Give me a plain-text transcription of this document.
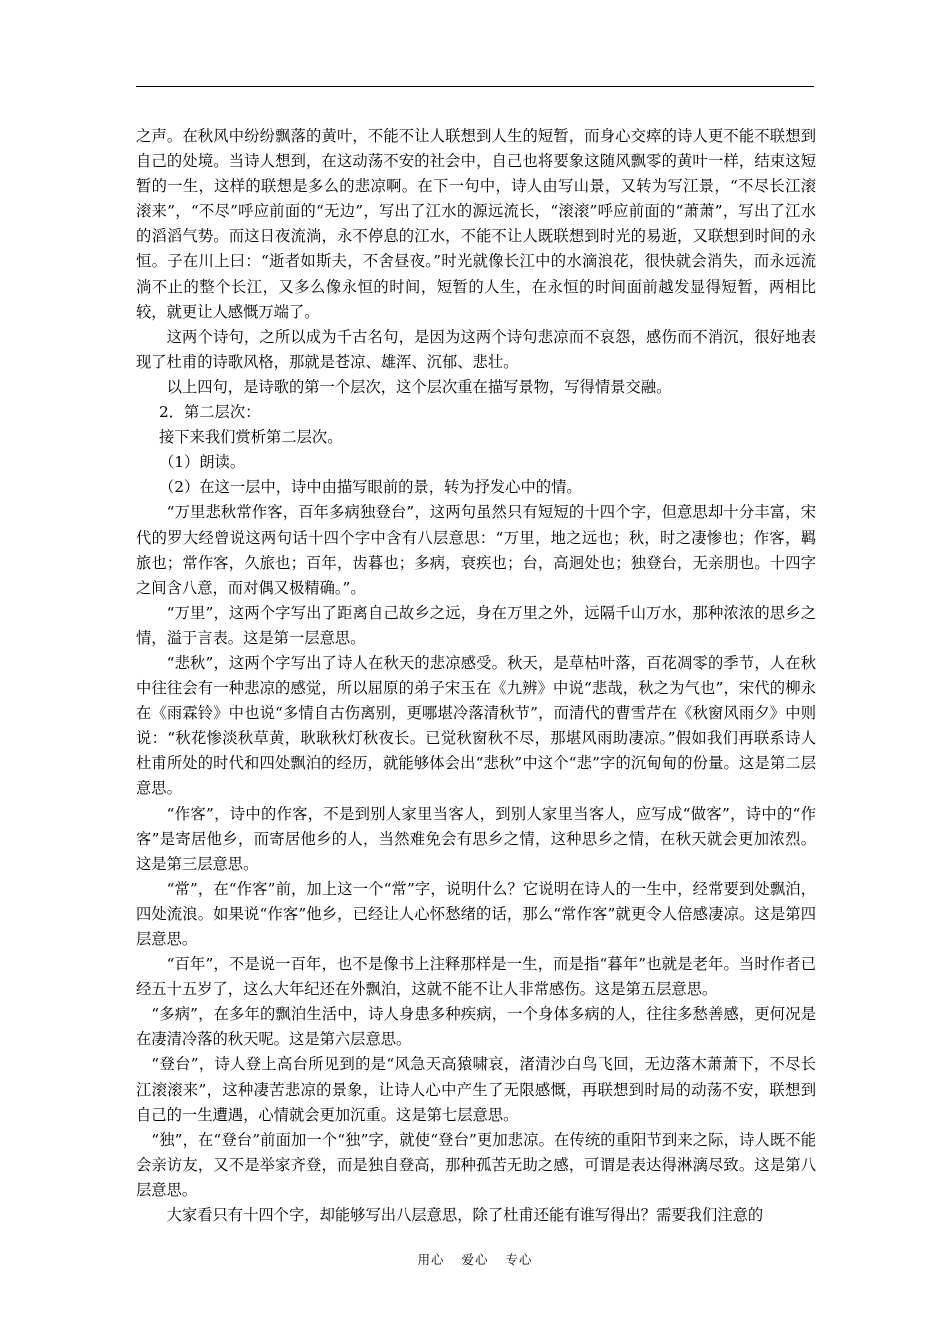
之声。在秋风中纷纷飘落的黄叶，不能不让人联想到人生的短暂，而身心交瘁的诗人更不能不联想到自己的处境。当诗人想到，在这动荡不安的社会中，自己也将要象这随风飘零的黄叶一样，结束这短暂的一生，这样的联想是多么的悲凉啊。在下一句中，诗人由写山景，又转为写江景，“不尽长江滚滚来”，“不尽”呼应前面的“无边”，写出了江水的源远流长，“滚滚”呼应前面的“萧萧”，写出了江水的滔滔气势。而这日夜流淌，永不停息的江水，不能不让人既联想到时光的易逝，又联想到时间的永恒。子在川上曰：“逝者如斯夫，不舍昼夜。”时光就像长江中的水滴浪花，很快就会消失，而永远流淌不止的整个长江，又多么像永恒的时间，短暂的人生，在永恒的时间面前越发显得短暂，两相比较，就更让人感慨万端了。

这两个诗句，之所以成为千古名句，是因为这两个诗句悲凉而不哀怨，感伤而不消沉，很好地表现了杜甫的诗歌风格，那就是苍凉、雄浑、沉郁、悲壮。

以上四句，是诗歌的第一个层次，这个层次重在描写景物，写得情景交融。

2．第二层次：

接下来我们赏析第二层次。

（1）朗读。

（2）在这一层中，诗中由描写眼前的景，转为抒发心中的情。

“万里悲秋常作客，百年多病独登台”，这两句虽然只有短短的十四个字，但意思却十分丰富，宋代的罗大经曾说这两句话十四个字中含有八层意思：“万里，地之远也；秋，时之凄惨也；作客，羁旅也；常作客，久旅也；百年，齿暮也；多病，衰疾也；台，高迥处也；独登台，无亲朋也。十四字之间含八意，而对偶又极精确。”。

“万里”，这两个字写出了距离自己故乡之远，身在万里之外，远隔千山万水，那种浓浓的思乡之情，溢于言表。这是第一层意思。

“悲秋”，这两个字写出了诗人在秋天的悲凉感受。秋天，是草枯叶落，百花凋零的季节，人在秋中往往会有一种悲凉的感觉，所以屈原的弟子宋玉在《九辨》中说“悲哉，秋之为气也”，宋代的柳永在《雨霖铃》中也说“多情自古伤离别，更哪堪冷落清秋节”，而清代的曹雪芹在《秋窗风雨夕》中则说：“秋花惨淡秋草黄，耿耿秋灯秋夜长。已觉秋窗秋不尽，那堪风雨助凄凉。”假如我们再联系诗人杜甫所处的时代和四处飘泊的经历，就能够体会出“悲秋”中这个“悲”字的沉甸甸的份量。这是第二层意思。

“作客”，诗中的作客，不是到别人家里当客人，到别人家里当客人，应写成“做客”，诗中的“作客”是寄居他乡，而寄居他乡的人，当然难免会有思乡之情，这种思乡之情，在秋天就会更加浓烈。这是第三层意思。

“常”，在“作客”前，加上这一个“常”字，说明什么？它说明在诗人的一生中，经常要到处飘泊，四处流浪。如果说“作客”他乡，已经让人心怀愁绪的话，那么“常作客”就更令人倍感凄凉。这是第四层意思。

“百年”，不是说一百年，也不是像书上注释那样是一生，而是指“暮年”也就是老年。当时作者已经五十五岁了，这么大年纪还在外飘泊，这就不能不让人非常感伤。这是第五层意思。

“多病”，在多年的飘泊生活中，诗人身患多种疾病，一个身体多病的人，往往多愁善感，更何况是在凄清冷落的秋天呢。这是第六层意思。

“登台”，诗人登上高台所见到的是“风急天高猿啸哀，渚清沙白鸟飞回，无边落木萧萧下，不尽长江滚滚来”，这种凄苦悲凉的景象，让诗人心中产生了无限感慨，再联想到时局的动荡不安，联想到自己的一生遭遇，心情就会更加沉重。这是第七层意思。

“独”，在“登台”前面加一个“独”字，就使“登台”更加悲凉。在传统的重阳节到来之际，诗人既不能会亲访友，又不是举家齐登，而是独自登高，那种孤苦无助之感，可谓是表达得淋漓尽致。这是第八层意思。

大家看只有十四个字，却能够写出八层意思，除了杜甫还能有谁写得出？需要我们注意的

用心 爱心 专心
